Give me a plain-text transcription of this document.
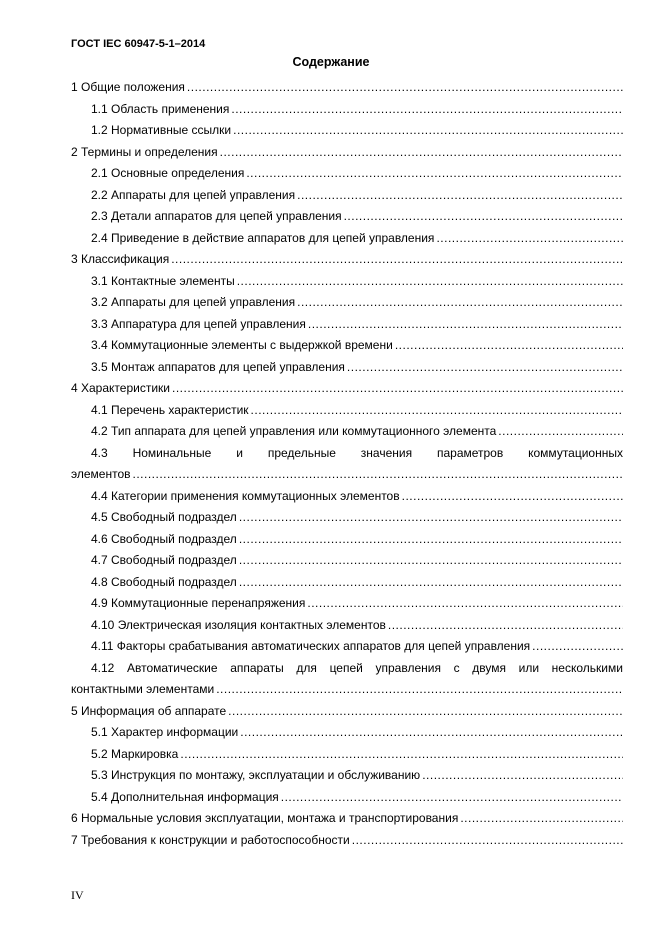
ГОСТ IEC 60947-5-1–2014
Содержание
1 Общие положения
.....
1.1 Область применения
.....
1.2 Нормативные ссылки
.....
2 Термины и определения
.....
2.1 Основные определения
.....
2.2 Аппараты для цепей управления
.....
2.3 Детали аппаратов для цепей управления
.....
2.4 Приведение в действие аппаратов для цепей управления
.....
3 Классификация
.....
3.1 Контактные элементы
.....
3.2 Аппараты для цепей управления
.....
3.3 Аппаратура для цепей управления
.....
3.4 Коммутационные элементы с выдержкой времени
.....
3.5 Монтаж аппаратов для цепей управления
.....
4 Характеристики
.....
4.1 Перечень характеристик
.....
4.2 Тип аппарата для цепей управления или коммутационного элемента
.....
4.3 Номинальные и предельные значения параметров коммутационных
элементов
.....
4.4 Категории применения коммутационных элементов
.....
4.5 Свободный подраздел
.....
4.6 Свободный подраздел
.....
4.7 Свободный подраздел
.....
4.8 Свободный подраздел
.....
4.9 Коммутационные перенапряжения
.....
4.10 Электрическая изоляция контактных элементов
.....
4.11 Факторы срабатывания автоматических аппаратов для цепей управления
.....
4.12 Автоматические аппараты для цепей управления с двумя или несколькими
контактными элементами
.....
5 Информация об аппарате
.....
5.1 Характер информации
.....
5.2 Маркировка
.....
5.3 Инструкция по монтажу, эксплуатации и обслуживанию
.....
5.4 Дополнительная информация
.....
6 Нормальные условия эксплуатации, монтажа и транспортирования
.....
7 Требования к конструкции и работоспособности
.....
IV
